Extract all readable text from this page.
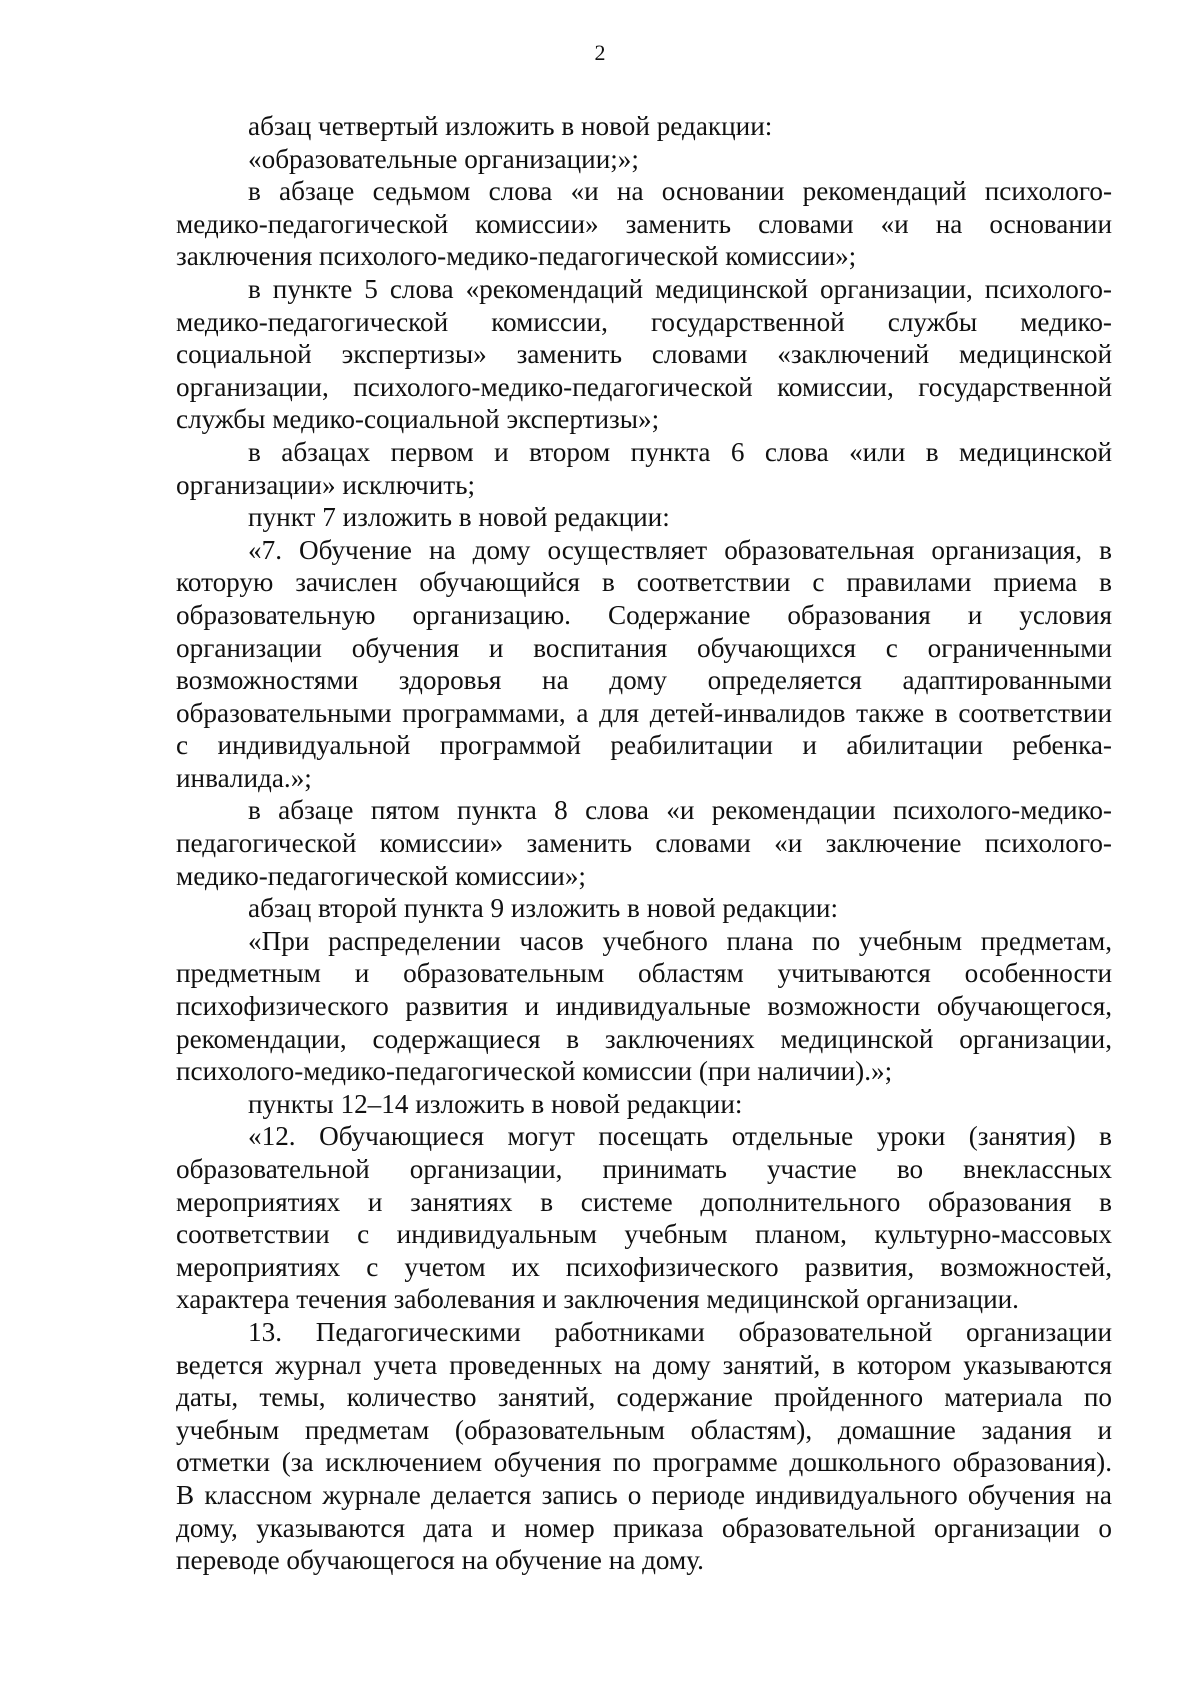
2
абзац четвертый изложить в новой редакции:
«образовательные организации;»;
в абзаце седьмом слова «и на основании рекомендаций психолого-
медико-педагогической комиссии» заменить словами «и на основании
заключения психолого-медико-педагогической комиссии»;
в пункте 5 слова «рекомендаций медицинской организации, психолого-
медико-педагогической комиссии, государственной службы медико-
социальной экспертизы» заменить словами «заключений медицинской
организации, психолого-медико-педагогической комиссии, государственной
службы медико-социальной экспертизы»;
в абзацах первом и втором пункта 6 слова «или в медицинской
организации» исключить;
пункт 7 изложить в новой редакции:
«7. Обучение на дому осуществляет образовательная организация, в
которую зачислен обучающийся в соответствии с правилами приема в
образовательную организацию. Содержание образования и условия
организации обучения и воспитания обучающихся с ограниченными
возможностями здоровья на дому определяется адаптированными
образовательными программами, а для детей-инвалидов также в соответствии
с индивидуальной программой реабилитации и абилитации ребенка-
инвалида.»;
в абзаце пятом пункта 8 слова «и рекомендации психолого-медико-
педагогической комиссии» заменить словами «и заключение психолого-
медико-педагогической комиссии»;
абзац второй пункта 9 изложить в новой редакции:
«При распределении часов учебного плана по учебным предметам,
предметным и образовательным областям учитываются особенности
психофизического развития и индивидуальные возможности обучающегося,
рекомендации, содержащиеся в заключениях медицинской организации,
психолого-медико-педагогической комиссии (при наличии).»;
пункты 12–14 изложить в новой редакции:
«12. Обучающиеся могут посещать отдельные уроки (занятия) в
образовательной организации, принимать участие во внеклассных
мероприятиях и занятиях в системе дополнительного образования в
соответствии с индивидуальным учебным планом, культурно-массовых
мероприятиях с учетом их психофизического развития, возможностей,
характера течения заболевания и заключения медицинской организации.
13. Педагогическими работниками образовательной организации
ведется журнал учета проведенных на дому занятий, в котором указываются
даты, темы, количество занятий, содержание пройденного материала по
учебным предметам (образовательным областям), домашние задания и
отметки (за исключением обучения по программе дошкольного образования).
В классном журнале делается запись о периоде индивидуального обучения на
дому, указываются дата и номер приказа образовательной организации о
переводе обучающегося на обучение на дому.
